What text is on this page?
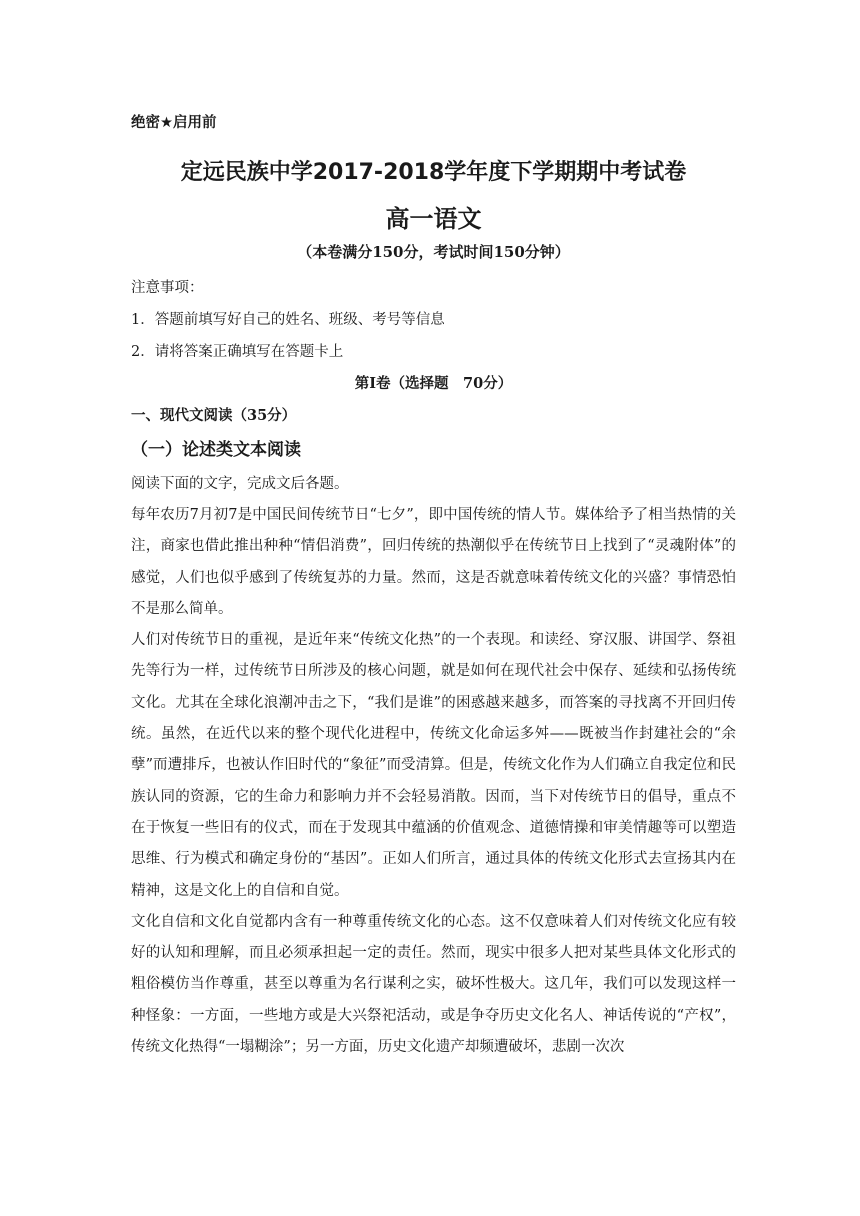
绝密★启用前
定远民族中学2017-2018学年度下学期期中考试卷
高一语文
（本卷满分150分，考试时间150分钟）
注意事项：
1．答题前填写好自己的姓名、班级、考号等信息
2．请将答案正确填写在答题卡上
第I卷（选择题　70分）
一、现代文阅读（35分）
（一）论述类文本阅读
阅读下面的文字，完成文后各题。
每年农历7月初7是中国民间传统节日“七夕”，即中国传统的情人节。媒体给予了相当热情的关注，商家也借此推出种种“情侣消费”，回归传统的热潮似乎在传统节日上找到了“灵魂附体”的感觉，人们也似乎感到了传统复苏的力量。然而，这是否就意味着传统文化的兴盛？事情恐怕不是那么简单。
人们对传统节日的重视，是近年来“传统文化热”的一个表现。和读经、穿汉服、讲国学、祭祖先等行为一样，过传统节日所涉及的核心问题，就是如何在现代社会中保存、延续和弘扬传统文化。尤其在全球化浪潮冲击之下，“我们是谁”的困惑越来越多，而答案的寻找离不开回归传统。虽然，在近代以来的整个现代化进程中，传统文化命运多舛——既被当作封建社会的“余孽”而遭排斥，也被认作旧时代的“象征”而受清算。但是，传统文化作为人们确立自我定位和民族认同的资源，它的生命力和影响力并不会轻易消散。因而，当下对传统节日的倡导，重点不在于恢复一些旧有的仪式，而在于发现其中蕴涵的价值观念、道德情操和审美情趣等可以塑造思维、行为模式和确定身份的“基因”。正如人们所言，通过具体的传统文化形式去宣扬其内在精神，这是文化上的自信和自觉。
文化自信和文化自觉都内含有一种尊重传统文化的心态。这不仅意味着人们对传统文化应有较好的认知和理解，而且必须承担起一定的责任。然而，现实中很多人把对某些具体文化形式的粗俗模仿当作尊重，甚至以尊重为名行谋利之实，破坏性极大。这几年，我们可以发现这样一种怪象：一方面，一些地方或是大兴祭祀活动，或是争夺历史文化名人、神话传说的“产权”，传统文化热得“一塌糊涂”；另一方面，历史文化遗产却频遭破坏，悲剧一次次
